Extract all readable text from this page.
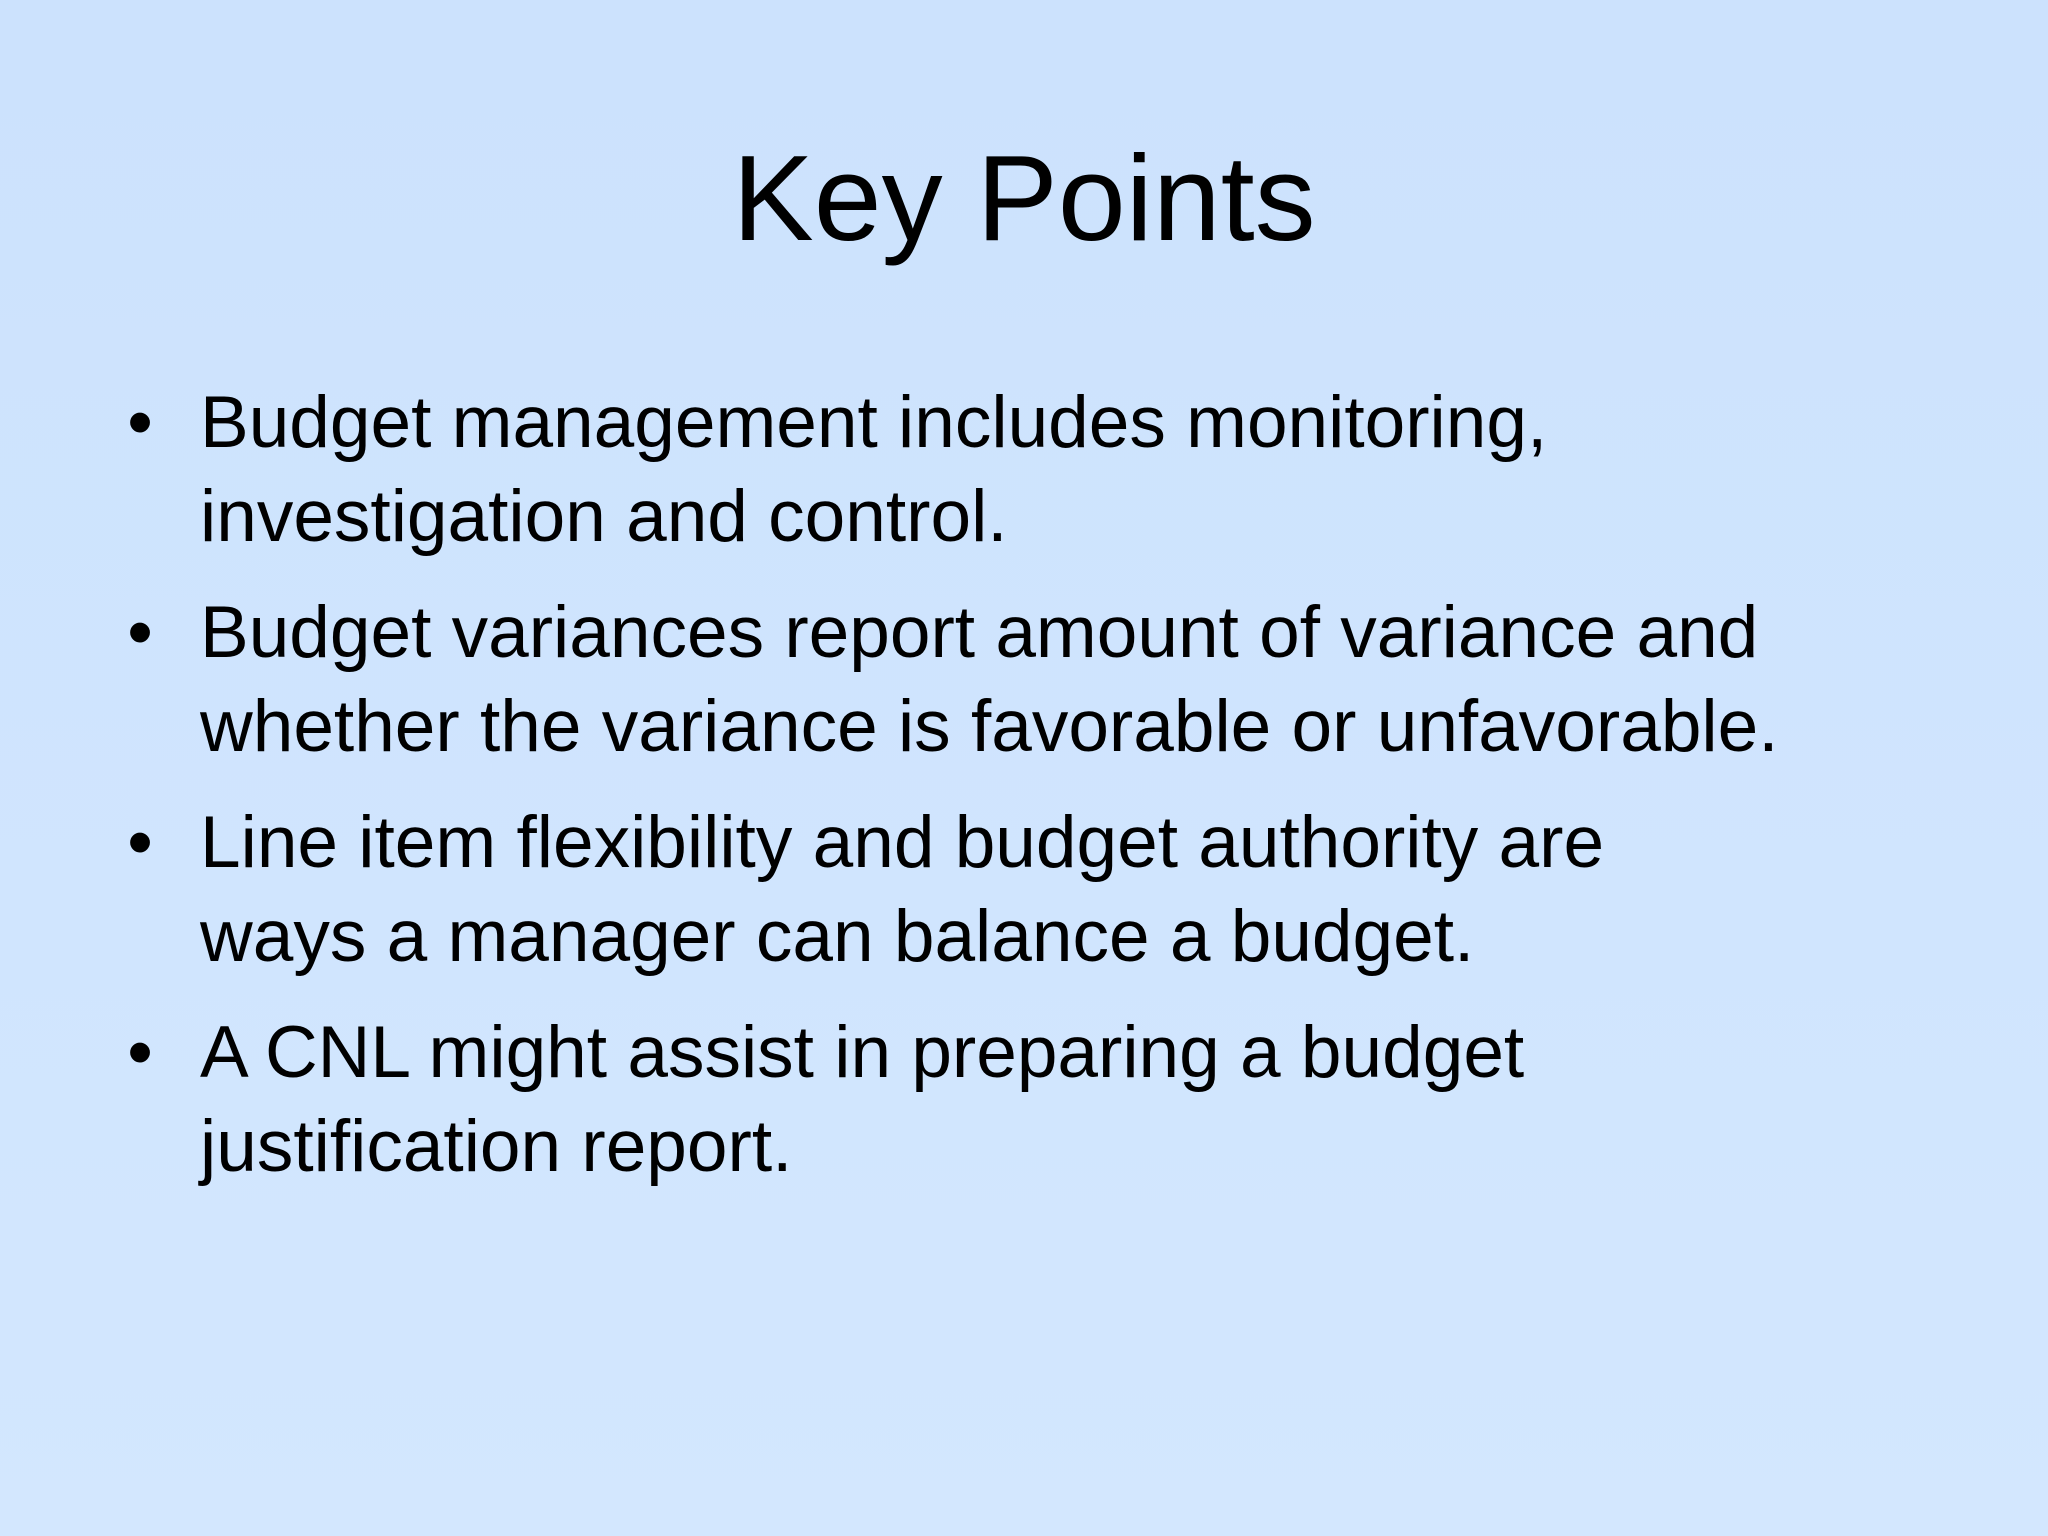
Key Points
• Budget management includes monitoring,
investigation and control.
• Budget variances report amount of variance and
whether the variance is favorable or unfavorable.
• Line item flexibility and budget authority are
ways a manager can balance a budget.
• A CNL might assist in preparing a budget
justification report.
